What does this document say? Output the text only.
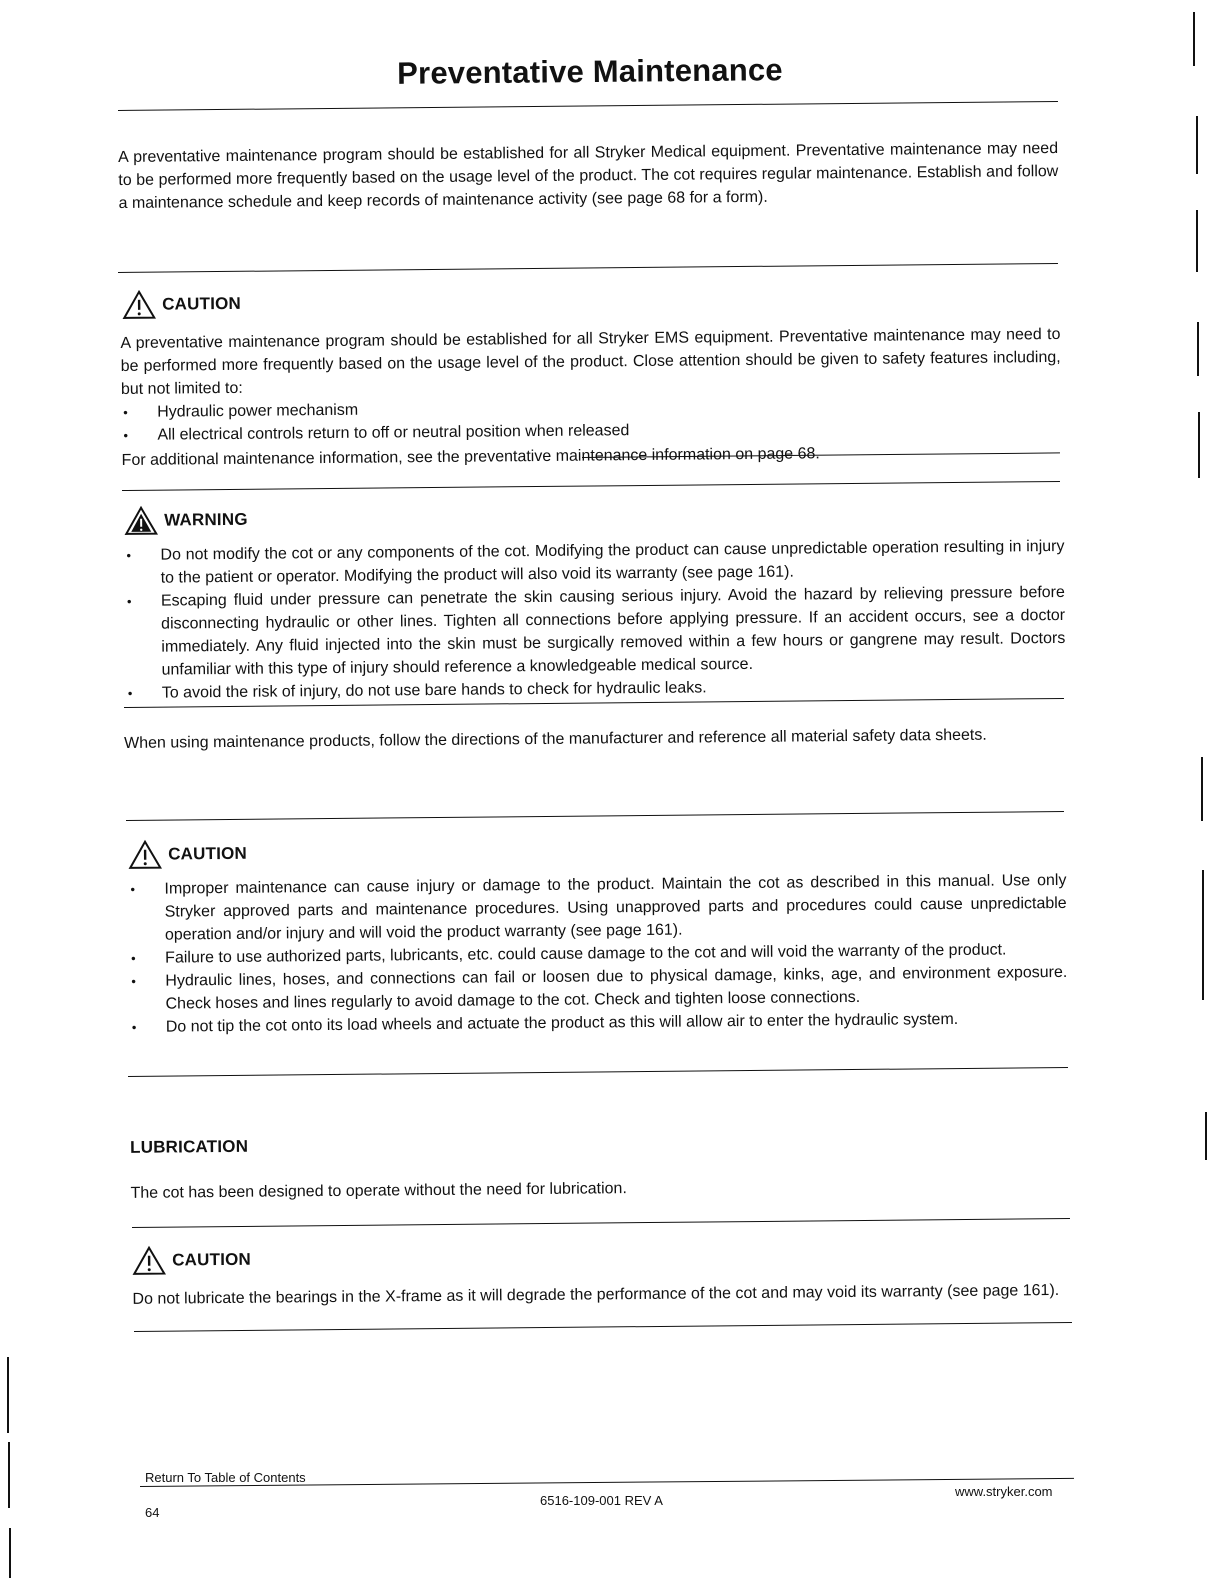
Preventative Maintenance
A preventative maintenance program should be established for all Stryker Medical equipment. Preventative maintenance may need to be performed more frequently based on the usage level of the product. The cot requires regular maintenance. Establish and follow a maintenance schedule and keep records of maintenance activity (see page 68 for a form).
CAUTION
A preventative maintenance program should be established for all Stryker EMS equipment. Preventative maintenance may need to be performed more frequently based on the usage level of the product. Close attention should be given to safety features including, but not limited to:
• Hydraulic power mechanism
• All electrical controls return to off or neutral position when released
For additional maintenance information, see the preventative maintenance information on page 68.
WARNING
• Do not modify the cot or any components of the cot. Modifying the product can cause unpredictable operation resulting in injury to the patient or operator. Modifying the product will also void its warranty (see page 161).
• Escaping fluid under pressure can penetrate the skin causing serious injury. Avoid the hazard by relieving pressure before disconnecting hydraulic or other lines. Tighten all connections before applying pressure. If an accident occurs, see a doctor immediately. Any fluid injected into the skin must be surgically removed within a few hours or gangrene may result. Doctors unfamiliar with this type of injury should reference a knowledgeable medical source.
• To avoid the risk of injury, do not use bare hands to check for hydraulic leaks.
When using maintenance products, follow the directions of the manufacturer and reference all material safety data sheets.
CAUTION
• Improper maintenance can cause injury or damage to the product. Maintain the cot as described in this manual. Use only Stryker approved parts and maintenance procedures. Using unapproved parts and procedures could cause unpredictable operation and/or injury and will void the product warranty (see page 161).
• Failure to use authorized parts, lubricants, etc. could cause damage to the cot and will void the warranty of the product.
• Hydraulic lines, hoses, and connections can fail or loosen due to physical damage, kinks, age, and environment exposure. Check hoses and lines regularly to avoid damage to the cot. Check and tighten loose connections.
• Do not tip the cot onto its load wheels and actuate the product as this will allow air to enter the hydraulic system.
LUBRICATION
The cot has been designed to operate without the need for lubrication.
CAUTION
Do not lubricate the bearings in the X-frame as it will degrade the performance of the cot and may void its warranty (see page 161).
Return To Table of Contents
64
6516-109-001 REV A
www.stryker.com
